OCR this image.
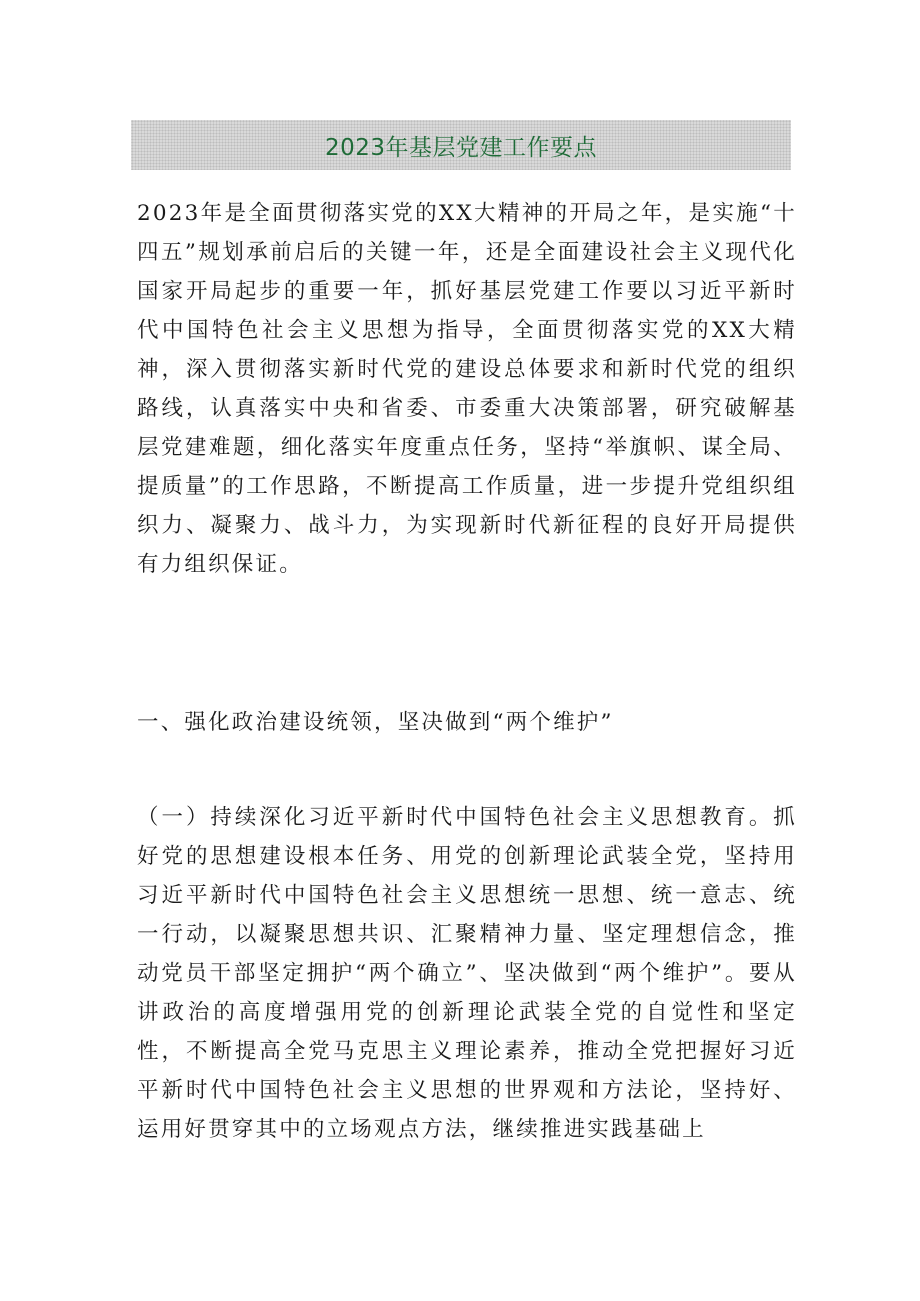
2023年基层党建工作要点

2023年是全面贯彻落实党的XX大精神的开局之年，是实施“十四五”规划承前启后的关键一年，还是全面建设社会主义现代化国家开局起步的重要一年，抓好基层党建工作要以习近平新时代中国特色社会主义思想为指导，全面贯彻落实党的XX大精神，深入贯彻落实新时代党的建设总体要求和新时代党的组织路线，认真落实中央和省委、市委重大决策部署，研究破解基层党建难题，细化落实年度重点任务，坚持“举旗帜、谋全局、提质量”的工作思路，不断提高工作质量，进一步提升党组织组织力、凝聚力、战斗力，为实现新时代新征程的良好开局提供有力组织保证。

一、强化政治建设统领，坚决做到“两个维护”

（一）持续深化习近平新时代中国特色社会主义思想教育。抓好党的思想建设根本任务、用党的创新理论武装全党，坚持用习近平新时代中国特色社会主义思想统一思想、统一意志、统一行动，以凝聚思想共识、汇聚精神力量、坚定理想信念，推动党员干部坚定拥护“两个确立”、坚决做到“两个维护”。要从讲政治的高度增强用党的创新理论武装全党的自觉性和坚定性，不断提高全党马克思主义理论素养，推动全党把握好习近平新时代中国特色社会主义思想的世界观和方法论，坚持好、运用好贯穿其中的立场观点方法，继续推进实践基础上
